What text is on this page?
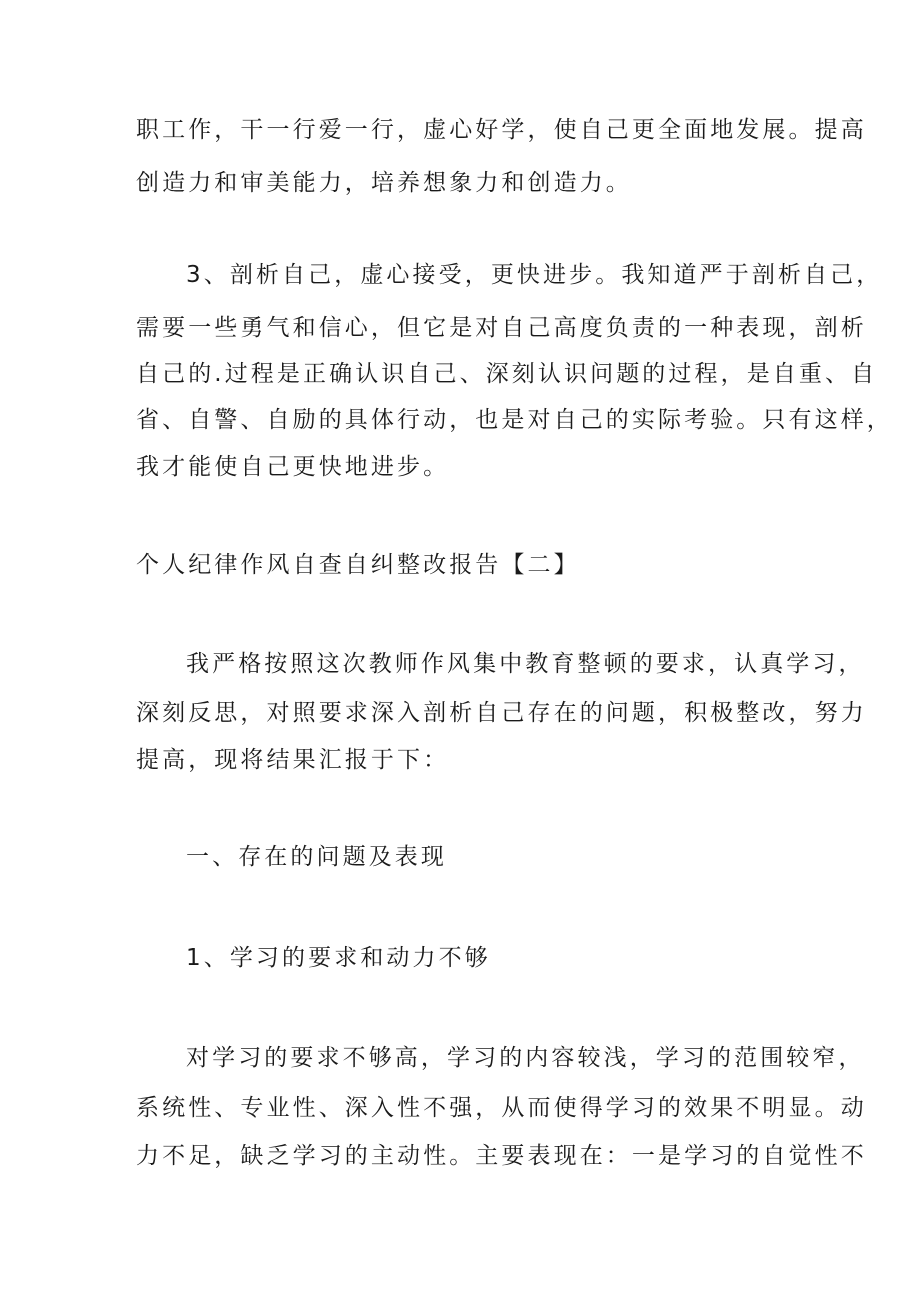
职工作，干一行爱一行，虚心好学，使自己更全面地发展。提高
创造力和审美能力，培养想象力和创造力。
3、剖析自己，虚心接受，更快进步。我知道严于剖析自己，
需要一些勇气和信心，但它是对自己高度负责的一种表现，剖析
自己的.过程是正确认识自己、深刻认识问题的过程，是自重、自
省、自警、自励的具体行动，也是对自己的实际考验。只有这样，
我才能使自己更快地进步。
个人纪律作风自查自纠整改报告【二】
我严格按照这次教师作风集中教育整顿的要求，认真学习，
深刻反思，对照要求深入剖析自己存在的问题，积极整改，努力
提高，现将结果汇报于下：
一、存在的问题及表现
1、学习的要求和动力不够
对学习的要求不够高，学习的内容较浅，学习的范围较窄，
系统性、专业性、深入性不强，从而使得学习的效果不明显。动
力不足，缺乏学习的主动性。主要表现在：一是学习的自觉性不
